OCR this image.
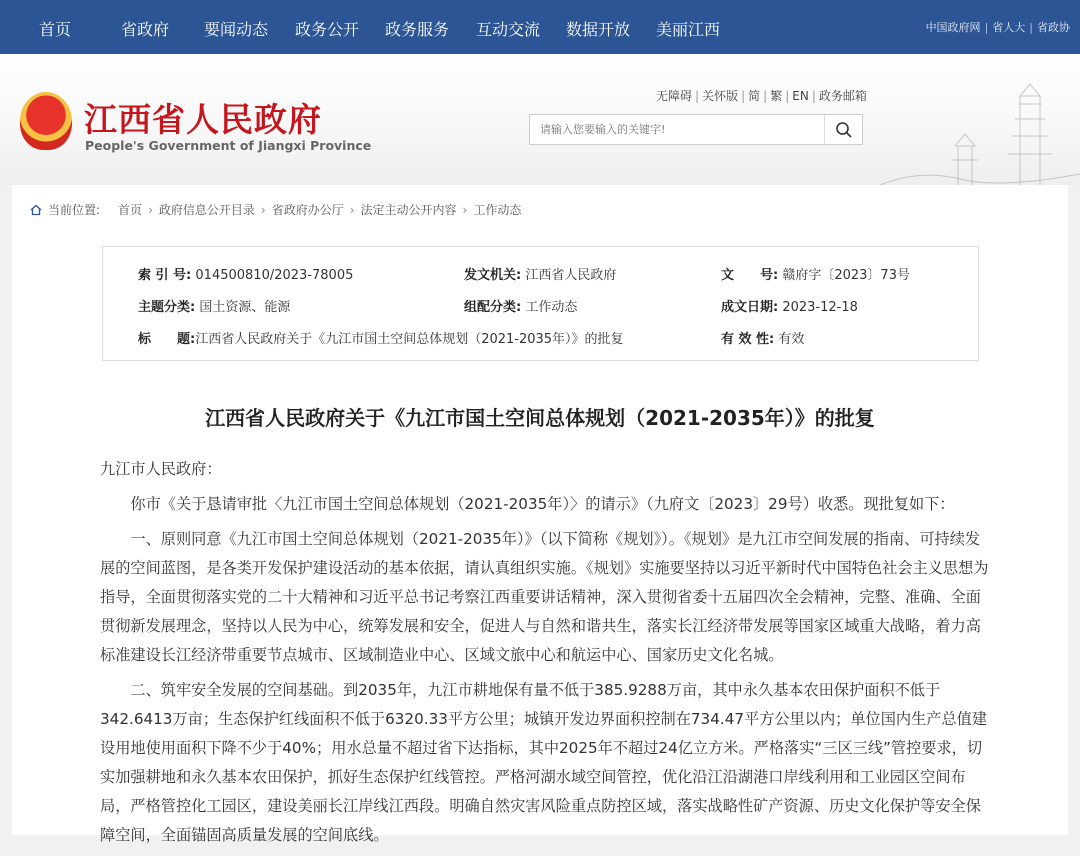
首页	省政府 要闻动态 政务公开 政务服务 互动交流 数据开放 美丽江西	中国政府网 | 省人大 | 省政协
江西省人民政府
People's Government of Jiangxi Province
无障碍 | 关怀版 | 简 | 繁 | EN | 政务邮箱
请输入您要输入的关键字!
当前位置: 首页 › 政府信息公开目录 › 省政府办公厅 › 法定主动公开内容 › 工作动态
索 引 号: 014500810/2023-78005	发文机关: 江西省人民政府	文　　号: 赣府字〔2023〕73号
主题分类: 国土资源、能源	组配分类: 工作动态	成文日期: 2023-12-18
标　　题:江西省人民政府关于《九江市国土空间总体规划（2021-2035年）》的批复	有 效 性: 有效
江西省人民政府关于《九江市国土空间总体规划（2021-2035年）》的批复

九江市人民政府：

你市《关于恳请审批〈九江市国土空间总体规划（2021-2035年）〉的请示》（九府文〔2023〕29号）收悉。现批复如下：

一、原则同意《九江市国土空间总体规划（2021-2035年）》（以下简称《规划》）。《规划》是九江市空间发展的指南、可持续发展的空间蓝图，是各类开发保护建设活动的基本依据，请认真组织实施。《规划》实施要坚持以习近平新时代中国特色社会主义思想为指导，全面贯彻落实党的二十大精神和习近平总书记考察江西重要讲话精神，深入贯彻省委十五届四次全会精神，完整、准确、全面贯彻新发展理念，坚持以人民为中心，统筹发展和安全，促进人与自然和谐共生，落实长江经济带发展等国家区域重大战略，着力高标准建设长江经济带重要节点城市、区域制造业中心、区域文旅中心和航运中心、国家历史文化名城。

二、筑牢安全发展的空间基础。到2035年，九江市耕地保有量不低于385.9288万亩，其中永久基本农田保护面积不低于342.6413万亩；生态保护红线面积不低于6320.33平方公里；城镇开发边界面积控制在734.47平方公里以内；单位国内生产总值建设用地使用面积下降不少于40%；用水总量不超过省下达指标，其中2025年不超过24亿立方米。严格落实“三区三线”管控要求，切实加强耕地和永久基本农田保护，抓好生态保护红线管控。严格河湖水域空间管控，优化沿江沿湖港口岸线利用和工业园区空间布局，严格管控化工园区，建设美丽长江岸线江西段。明确自然灾害风险重点防控区域，落实战略性矿产资源、历史文化保护等安全保障空间，全面锚固高质量发展的空间底线。
